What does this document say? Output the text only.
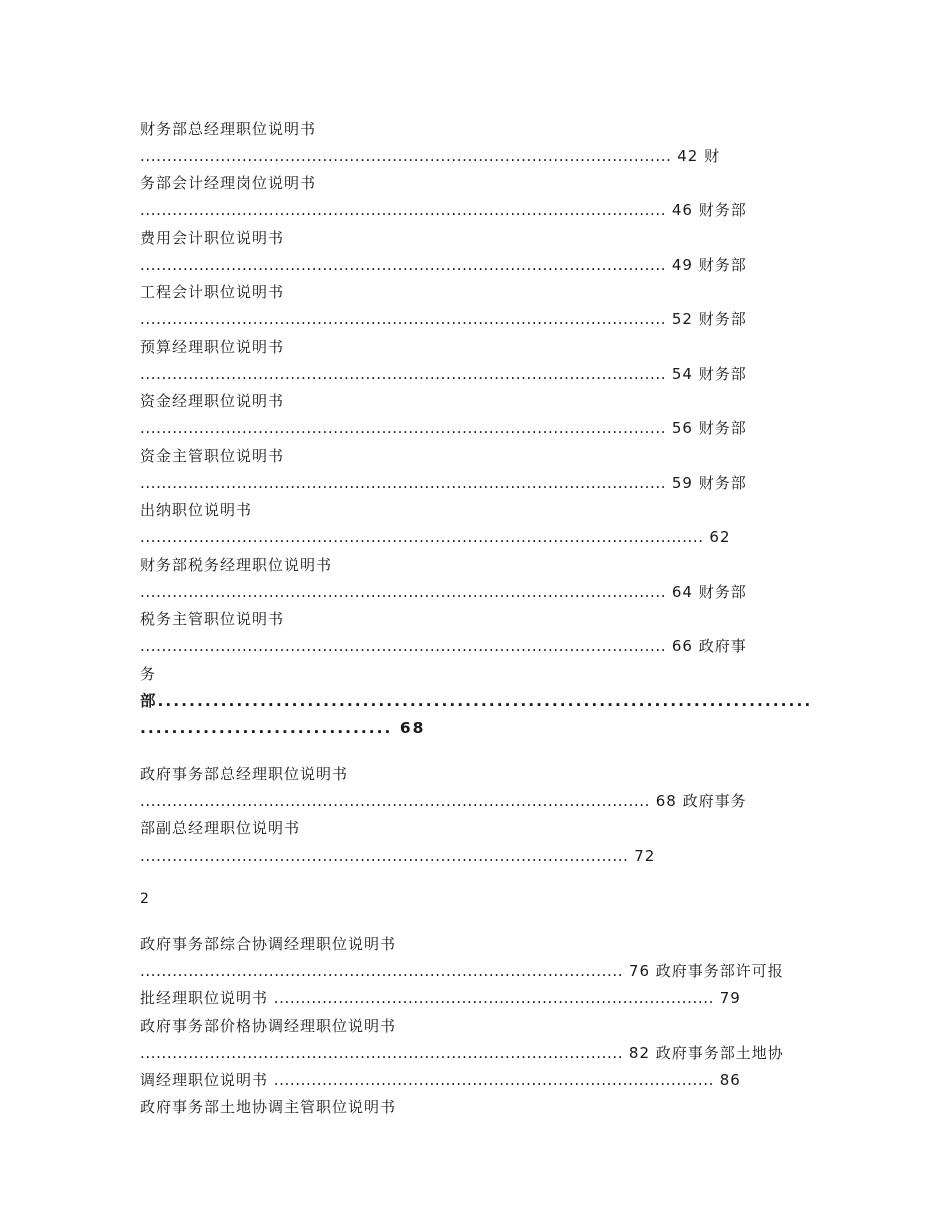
财务部总经理职位说明书
................................................................................................... 42 财
务部会计经理岗位说明书
.................................................................................................. 46 财务部
费用会计职位说明书
.................................................................................................. 49 财务部
工程会计职位说明书
.................................................................................................. 52 财务部
预算经理职位说明书
.................................................................................................. 54 财务部
资金经理职位说明书
.................................................................................................. 56 财务部
资金主管职位说明书
.................................................................................................. 59 财务部
出纳职位说明书
......................................................................................................... 62
财务部税务经理职位说明书
.................................................................................................. 64 财务部
税务主管职位说明书
.................................................................................................. 66 政府事
务
部...................................................................................
................................ 68
政府事务部总经理职位说明书
............................................................................................... 68 政府事务
部副总经理职位说明书
........................................................................................... 72
2
政府事务部综合协调经理职位说明书
.......................................................................................... 76 政府事务部许可报
批经理职位说明书 .................................................................................. 79
政府事务部价格协调经理职位说明书
.......................................................................................... 82 政府事务部土地协
调经理职位说明书 .................................................................................. 86
政府事务部土地协调主管职位说明书
